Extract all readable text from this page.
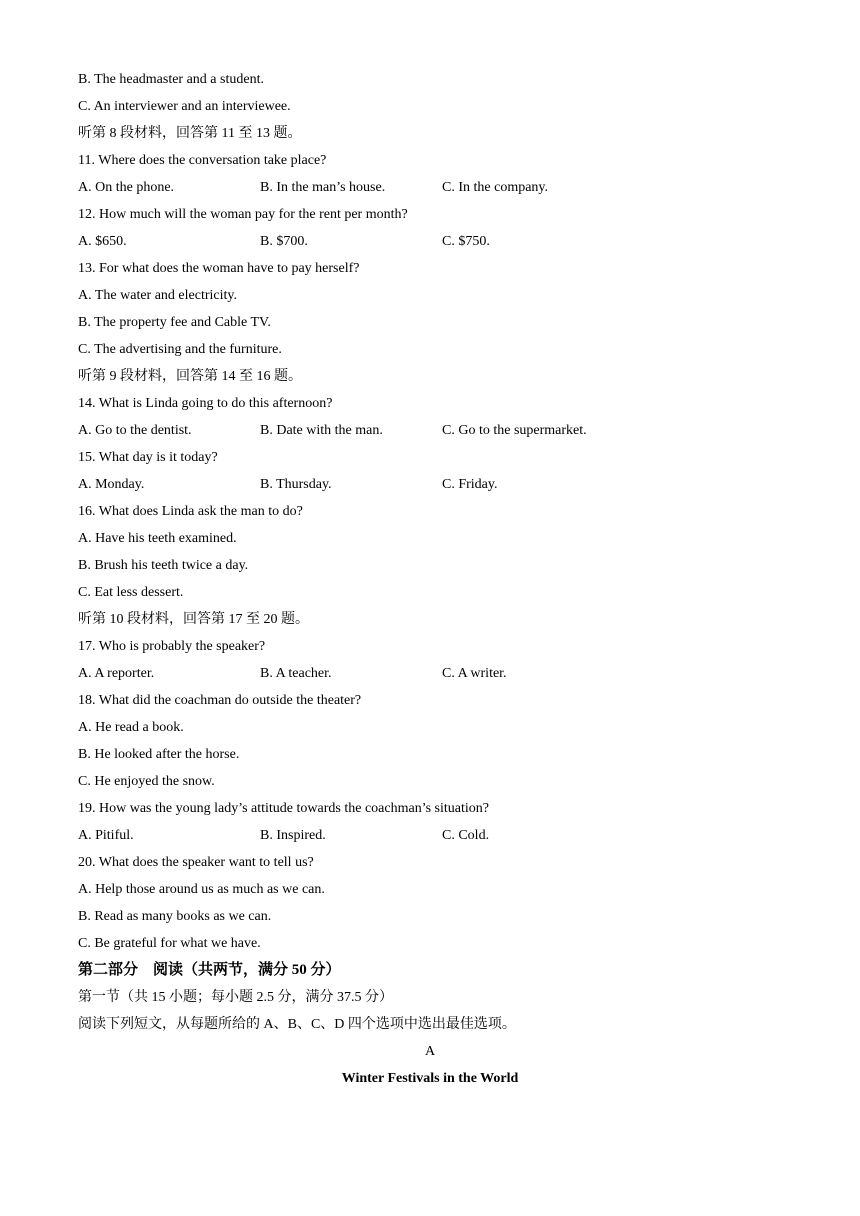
B. The headmaster and a student.
C. An interviewer and an interviewee.
听第 8 段材料，回答第 11 至 13 题。
11. Where does the conversation take place?
A. On the phone.	B. In the man’s house.	C. In the company.
12. How much will the woman pay for the rent per month?
A. $650.	B. $700.	C. $750.
13. For what does the woman have to pay herself?
A. The water and electricity.
B. The property fee and Cable TV.
C. The advertising and the furniture.
听第 9 段材料，回答第 14 至 16 题。
14. What is Linda going to do this afternoon?
A. Go to the dentist.	B. Date with the man.	C. Go to the supermarket.
15. What day is it today?
A. Monday.	B. Thursday.	C. Friday.
16. What does Linda ask the man to do?
A. Have his teeth examined.
B. Brush his teeth twice a day.
C. Eat less dessert.
听第 10 段材料，回答第 17 至 20 题。
17. Who is probably the speaker?
A. A reporter.	B. A teacher.	C. A writer.
18. What did the coachman do outside the theater?
A. He read a book.
B. He looked after the horse.
C. He enjoyed the snow.
19. How was the young lady’s attitude towards the coachman’s situation?
A. Pitiful.	B. Inspired.	C. Cold.
20. What does the speaker want to tell us?
A. Help those around us as much as we can.
B. Read as many books as we can.
C. Be grateful for what we have.
第二部分　阅读（共两节，满分 50 分）
第一节（共 15 小题；每小题 2.5 分，满分 37.5 分）
阅读下列短文，从每题所给的 A、B、C、D 四个选项中选出最佳选项。
A
Winter Festivals in the World
